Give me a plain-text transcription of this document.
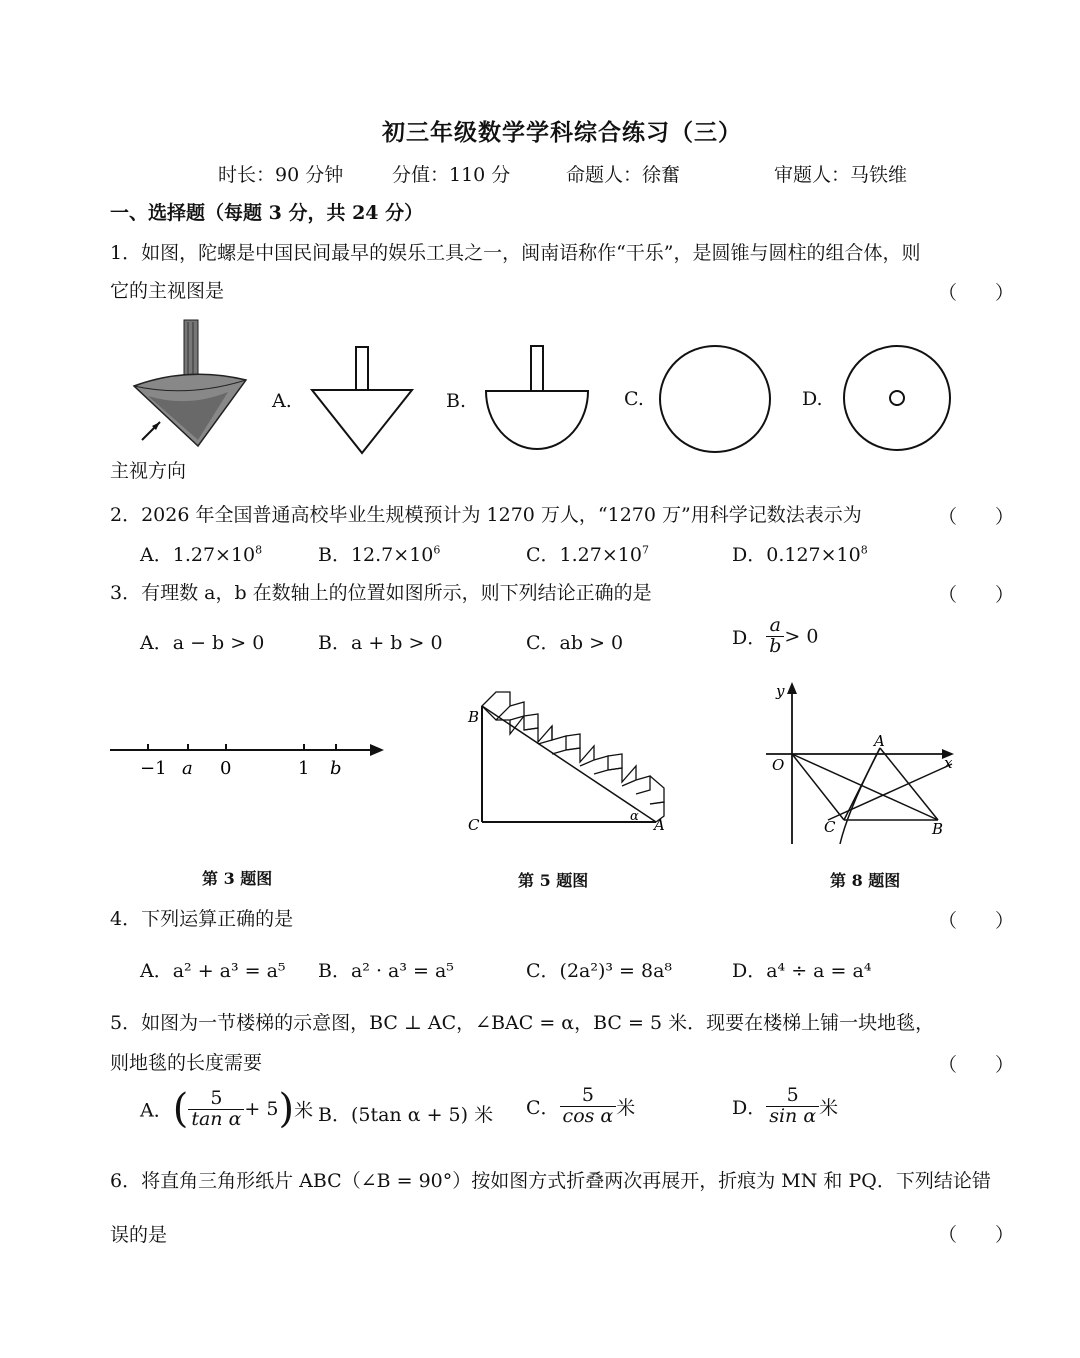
初三年级数学学科综合练习（三）
时长：90 分钟	分值：110 分	命题人：徐奮	审题人：马铁维
一、选择题（每题 3 分，共 24 分）
1．如图，陀螺是中国民间最早的娱乐工具之一，闽南语称作“干乐”，是圆锥与圆柱的组合体，则
它的主视图是	（　　）
主视方向
A.	B.	C.	D.
2．2026 年全国普通高校毕业生规模预计为 1270 万人，“1270 万”用科学记数法表示为	（　　）
A．$1.27\times 10^8$	B．$12.7\times 10^6$	C．$1.27\times 10^7$	D．$0.127\times 10^8$
3．有理数 a，b 在数轴上的位置如图所示，则下列结论正确的是	（　　）
A．a − b > 0	B．a + b > 0	C．ab > 0	D． $\frac{a}{b} > 0$
−1 a 0	1 b
第 3 题图
B
C	A
α
第 5 题图
y
x
O
A
B
C
第 8 题图
4．下列运算正确的是	（　　）
A．a² + a³ = a⁵ B．a² · a³ = a⁵	C．(2a²)³ = 8a⁸	D．a⁴ ÷ a = a⁴
5．如图为一节楼梯的示意图，BC ⊥ AC，∠BAC = α，BC = 5 米．现要在楼梯上铺一块地毯，
则地毯的长度需要	（　　）
A．( $\frac{5}{\text{tan α}} + 5$)米 B．(5tan α + 5) 米 C． $\frac{5}{\text{cos α}}$ 米	D． $\frac{5}{\text{sin α}}$ 米
6．将直角三角形纸片 ABC（∠B = 90°）按如图方式折叠两次再展开，折痕为 MN 和 PQ．下列结论错
误的是	（　　）
